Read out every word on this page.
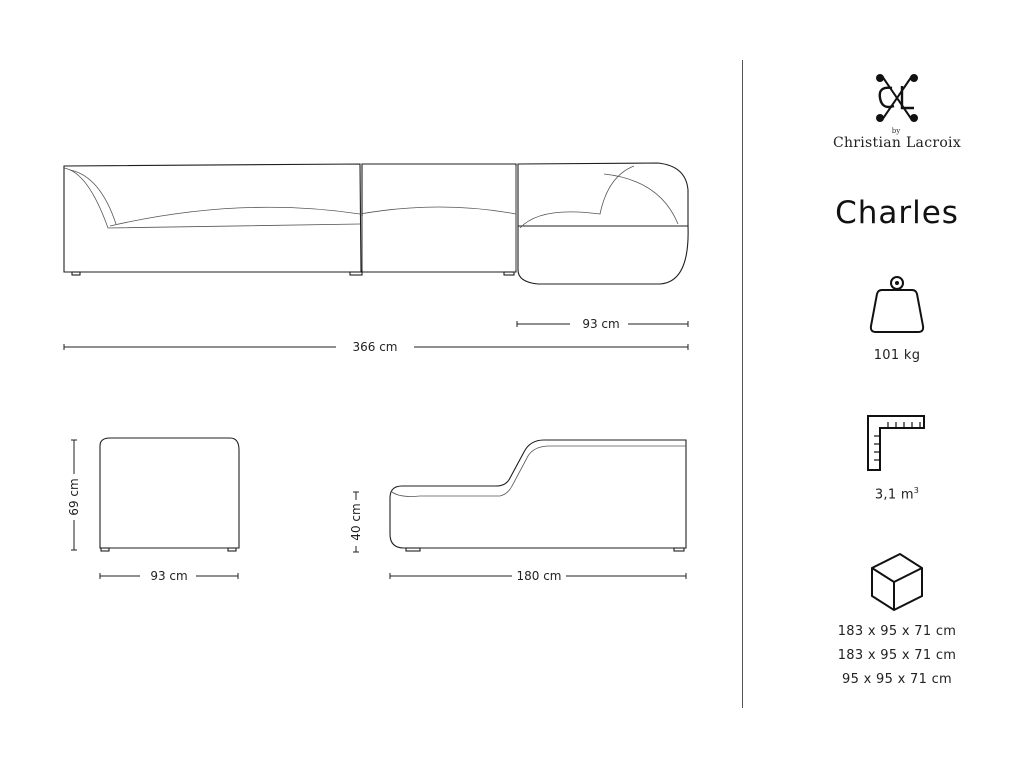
93 cm
366 cm
69 cm
93 cm
40 cm
180 cm
by
Christian Lacroix
Charles
101 kg
3,1 $m^3$
183 x 95 x 71 cm
183 x 95 x 71 cm
95 x 95 x 71 cm
